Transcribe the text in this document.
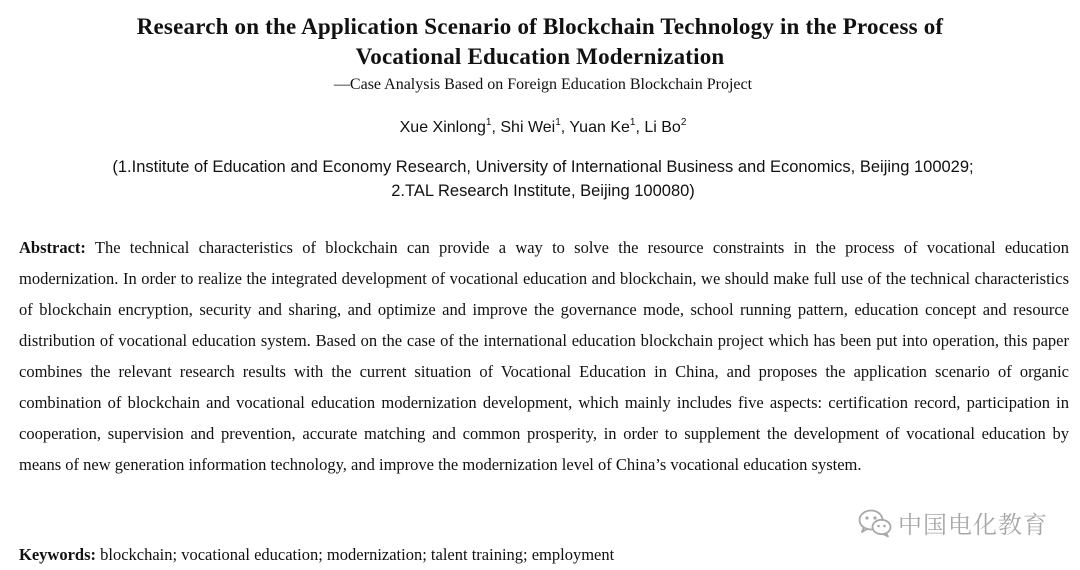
Research on the Application Scenario of Blockchain Technology in the Process of
Vocational Education Modernization
—Case Analysis Based on Foreign Education Blockchain Project
Xue Xinlong$^1$, Shi Wei$^1$, Yuan Ke$^1$, Li Bo$^2$
(1.Institute of Education and Economy Research, University of International Business and Economics, Beijing 100029;
2.TAL Research Institute, Beijing 100080)

Abstract: The technical characteristics of blockchain can provide a way to solve the resource constraints in the process of vocational education modernization. In order to realize the integrated development of vocational education and blockchain, we should make full use of the technical characteristics of blockchain encryption, security and sharing, and optimize and improve the governance mode, school running pattern, education concept and resource distribution of vocational education system. Based on the case of the international education blockchain project which has been put into operation, this paper combines the relevant research results with the current situation of Vocational Education in China, and proposes the application scenario of organic combination of blockchain and vocational education modernization development, which mainly includes five aspects: certification record, participation in cooperation, supervision and prevention, accurate matching and common prosperity, in order to supplement the development of vocational education by means of new generation information technology, and improve the modernization level of China’s vocational education system.

Keywords: blockchain; vocational education; modernization; talent training; employment

中国电化教育
